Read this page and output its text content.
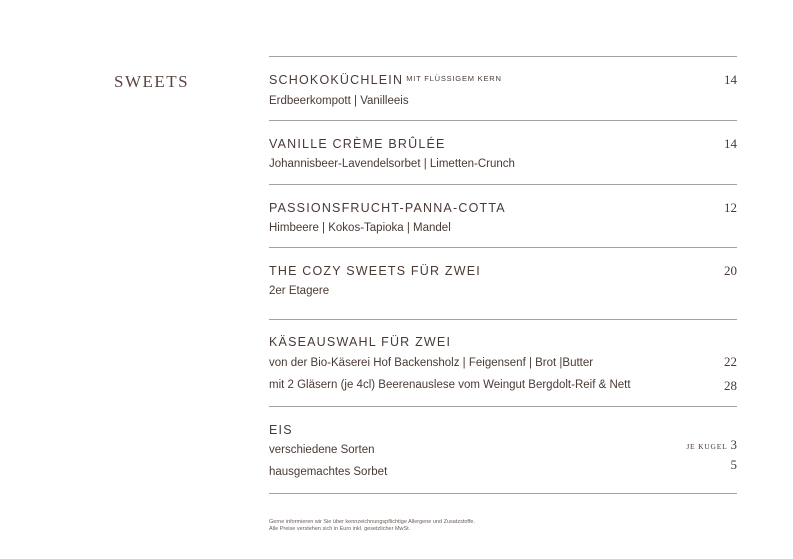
SWEETS	SCHOKOKÜCHLEIN $^{MIT FLÜSSIGEM KERN}$	14
Erdbeerkompott | Vanilleeis
VANILLE CRÈME BRÛLÉE	14
Johannisbeer-Lavendelsorbet | Limetten-Crunch
PASSIONSFRUCHT-PANNA-COTTA	12
Himbeere | Kokos-Tapioka | Mandel
THE COZY SWEETS FÜR ZWEI	20
2er Etagere
KÄSEAUSWAHL FÜR ZWEI
von der Bio-Käserei Hof Backensholz | Feigensenf | Brot |Butter	22
mit 2 Gläsern (je 4cl) Beerenauslese vom Weingut Bergdolt-Reif & Nett	28
EIS
verschiedene Sorten	JE KUGEL 3
hausgemachtes Sorbet	5
Gerne informieren wir Sie über kennzeichnungspflichtige Allergene und Zusatzstoffe.
Alle Preise verstehen sich in Euro inkl. gesetzlicher MwSt.
